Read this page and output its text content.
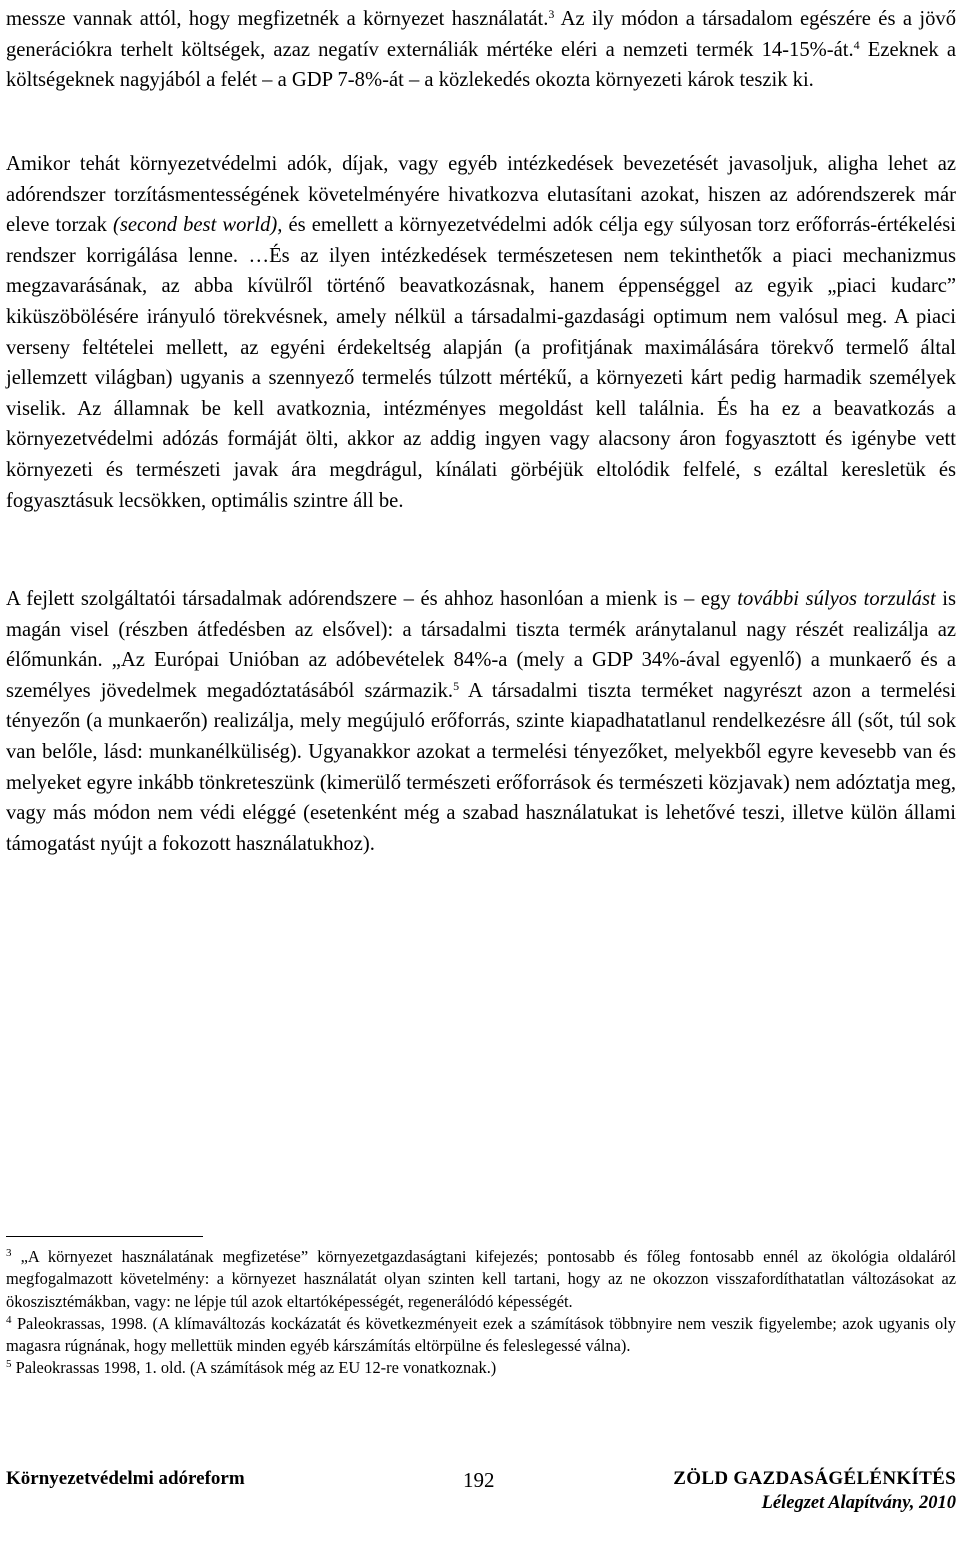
messze vannak attól, hogy megfizetnék a környezet használatát.$^3$ Az ily módon a társadalom egészére és a jövő generációkra terhelt költségek, azaz negatív externáliák mértéke eléri a nemzeti termék 14-15%-át.$^4$ Ezeknek a költségeknek nagyjából a felét – a GDP 7-8%-át – a közlekedés okozta környezeti károk teszik ki.

Amikor tehát környezetvédelmi adók, díjak, vagy egyéb intézkedések bevezetését javasoljuk, aligha lehet az adórendszer torzításmentességének követelményére hivatkozva elutasítani azokat, hiszen az adórendszerek már eleve torzak (second best world), és emellett a környezetvédelmi adók célja egy súlyosan torz erőforrás-értékelési rendszer korrigálása lenne. …És az ilyen intézkedések természetesen nem tekinthetők a piaci mechanizmus megzavarásának, az abba kívülről történő beavatkozásnak, hanem éppenséggel az egyik „piaci kudarc” kiküszöbölésére irányuló törekvésnek, amely nélkül a társadalmi-gazdasági optimum nem valósul meg. A piaci verseny feltételei mellett, az egyéni érdekeltség alapján (a profitjának maximálására törekvő termelő által jellemzett világban) ugyanis a szennyező termelés túlzott mértékű, a környezeti kárt pedig harmadik személyek viselik. Az államnak be kell avatkoznia, intézményes megoldást kell találnia. És ha ez a beavatkozás a környezetvédelmi adózás formáját ölti, akkor az addig ingyen vagy alacsony áron fogyasztott és igénybe vett környezeti és természeti javak ára megdrágul, kínálati görbéjük eltolódik felfelé, s ezáltal keresletük és fogyasztásuk lecsökken, optimális szintre áll be.

A fejlett szolgáltatói társadalmak adórendszere – és ahhoz hasonlóan a mienk is – egy további súlyos torzulást is magán visel (részben átfedésben az elsővel): a társadalmi tiszta termék aránytalanul nagy részét realizálja az élőmunkán. „Az Európai Unióban az adóbevételek 84%-a (mely a GDP 34%-ával egyenlő) a munkaerő és a személyes jövedelmek megadóztatásából származik.$^5$ A társadalmi tiszta terméket nagyrészt azon a termelési tényezőn (a munkaerőn) realizálja, mely megújuló erőforrás, szinte kiapadhatatlanul rendelkezésre áll (sőt, túl sok van belőle, lásd: munkanélküliség). Ugyanakkor azokat a termelési tényezőket, melyekből egyre kevesebb van és melyeket egyre inkább tönkreteszünk (kimerülő természeti erőforrások és természeti közjavak) nem adóztatja meg, vagy más módon nem védi eléggé (esetenként még a szabad használatukat is lehetővé teszi, illetve külön állami támogatást nyújt a fokozott használatukhoz).

$^3$ „A környezet használatának megfizetése” környezetgazdaságtani kifejezés; pontosabb és főleg fontosabb ennél az ökológia oldaláról megfogalmazott követelmény: a környezet használatát olyan szinten kell tartani, hogy az ne okozzon visszafordíthatatlan változásokat az ökoszisztémákban, vagy: ne lépje túl azok eltartóképességét, regenerálódó képességét.

$^4$ Paleokrassas, 1998. (A klímaváltozás kockázatát és következményeit ezek a számítások többnyire nem veszik figyelembe; azok ugyanis oly magasra rúgnának, hogy mellettük minden egyéb kárszámítás eltörpülne és feleslegessé válna).

$^5$ Paleokrassas 1998, 1. old. (A számítások még az EU 12-re vonatkoznak.)

Környezetvédelmi adóreform	192	ZÖLD GAZDASÁGÉLÉNKÍTÉS
Lélegzet Alapítvány, 2010
